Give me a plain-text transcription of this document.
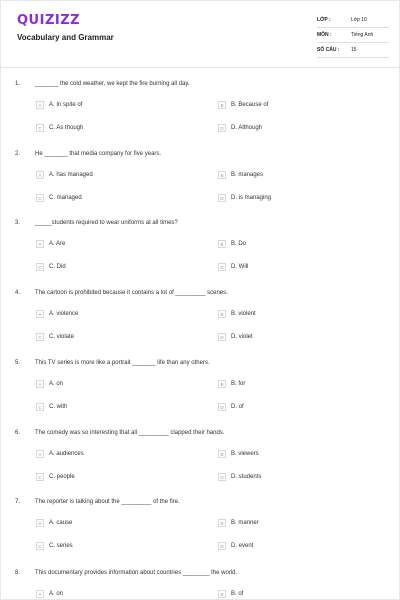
QUIZIZZ
Vocabulary and Grammar
LỚP :	Lớp 10
MÔN :	Tiếng Anh
SỐ CÂU :	15
1. _______ the cold weather, we kept the fire burning all day.
A	A. In spite of	B	B. Because of
C	C. As though	D	D. Although
2. He _______ that media company for five years.
A	A. has managed	B	B. manages
C	C. managed	D	D. is managing
3. _____students required to wear uniforms at all times?
A	A. Are	B	B. Do
C	C. Did	D	D. Will
4. The cartoon is prohibited because it contains a lot of _________ scenes.
A	A. violence	B	B. violent
C	C. violate	D	D. violet
5. This TV series is more like a portrait _______ life than any others.
A	A. on	B	B. for
C	C. with	D	D. of
6. The comedy was so interesting that all _________ clapped their hands.
A	A. audiences	B	B. viewers
C	C. people	D	D. students
7. The reporter is talking about the _________ of the fire.
A	A. cause	B	B. manner
C	C. series	D	D. event
8. This documentary provides information about countries ________ the world.
A	A. on	B	B. of
